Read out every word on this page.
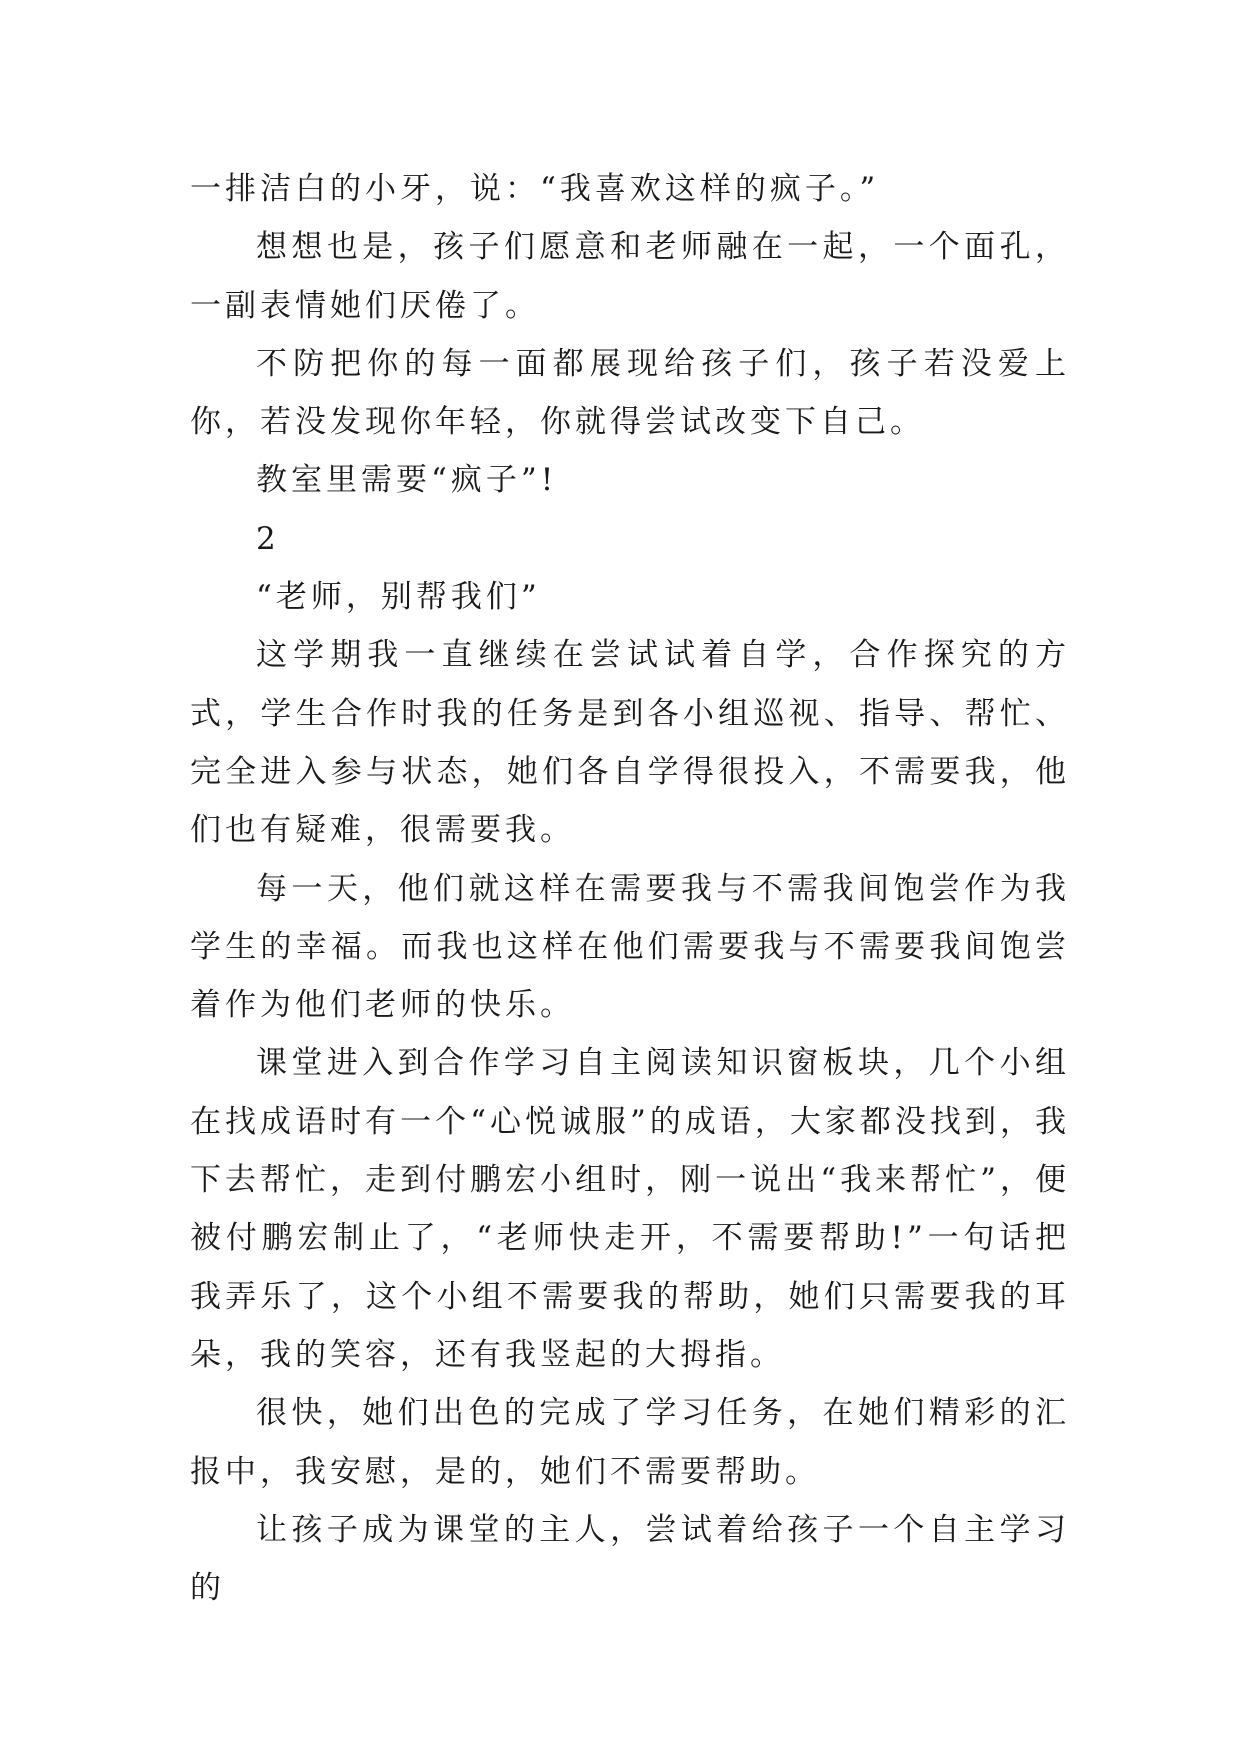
一排洁白的小牙，说：“我喜欢这样的疯子。”

想想也是，孩子们愿意和老师融在一起，一个面孔，一副表情她们厌倦了。

不防把你的每一面都展现给孩子们，孩子若没爱上你，若没发现你年轻，你就得尝试改变下自己。

教室里需要“疯子”!

2

“老师，别帮我们”

这学期我一直继续在尝试试着自学，合作探究的方式，学生合作时我的任务是到各小组巡视、指导、帮忙、完全进入参与状态，她们各自学得很投入，不需要我，他们也有疑难，很需要我。

每一天，他们就这样在需要我与不需我间饱尝作为我学生的幸福。而我也这样在他们需要我与不需要我间饱尝着作为他们老师的快乐。

课堂进入到合作学习自主阅读知识窗板块，几个小组在找成语时有一个“心悦诚服”的成语，大家都没找到，我下去帮忙，走到付鹏宏小组时，刚一说出“我来帮忙”，便被付鹏宏制止了，“老师快走开，不需要帮助!”一句话把我弄乐了，这个小组不需要我的帮助，她们只需要我的耳朵，我的笑容，还有我竖起的大拇指。

很快，她们出色的完成了学习任务，在她们精彩的汇报中，我安慰，是的，她们不需要帮助。

让孩子成为课堂的主人，尝试着给孩子一个自主学习的
